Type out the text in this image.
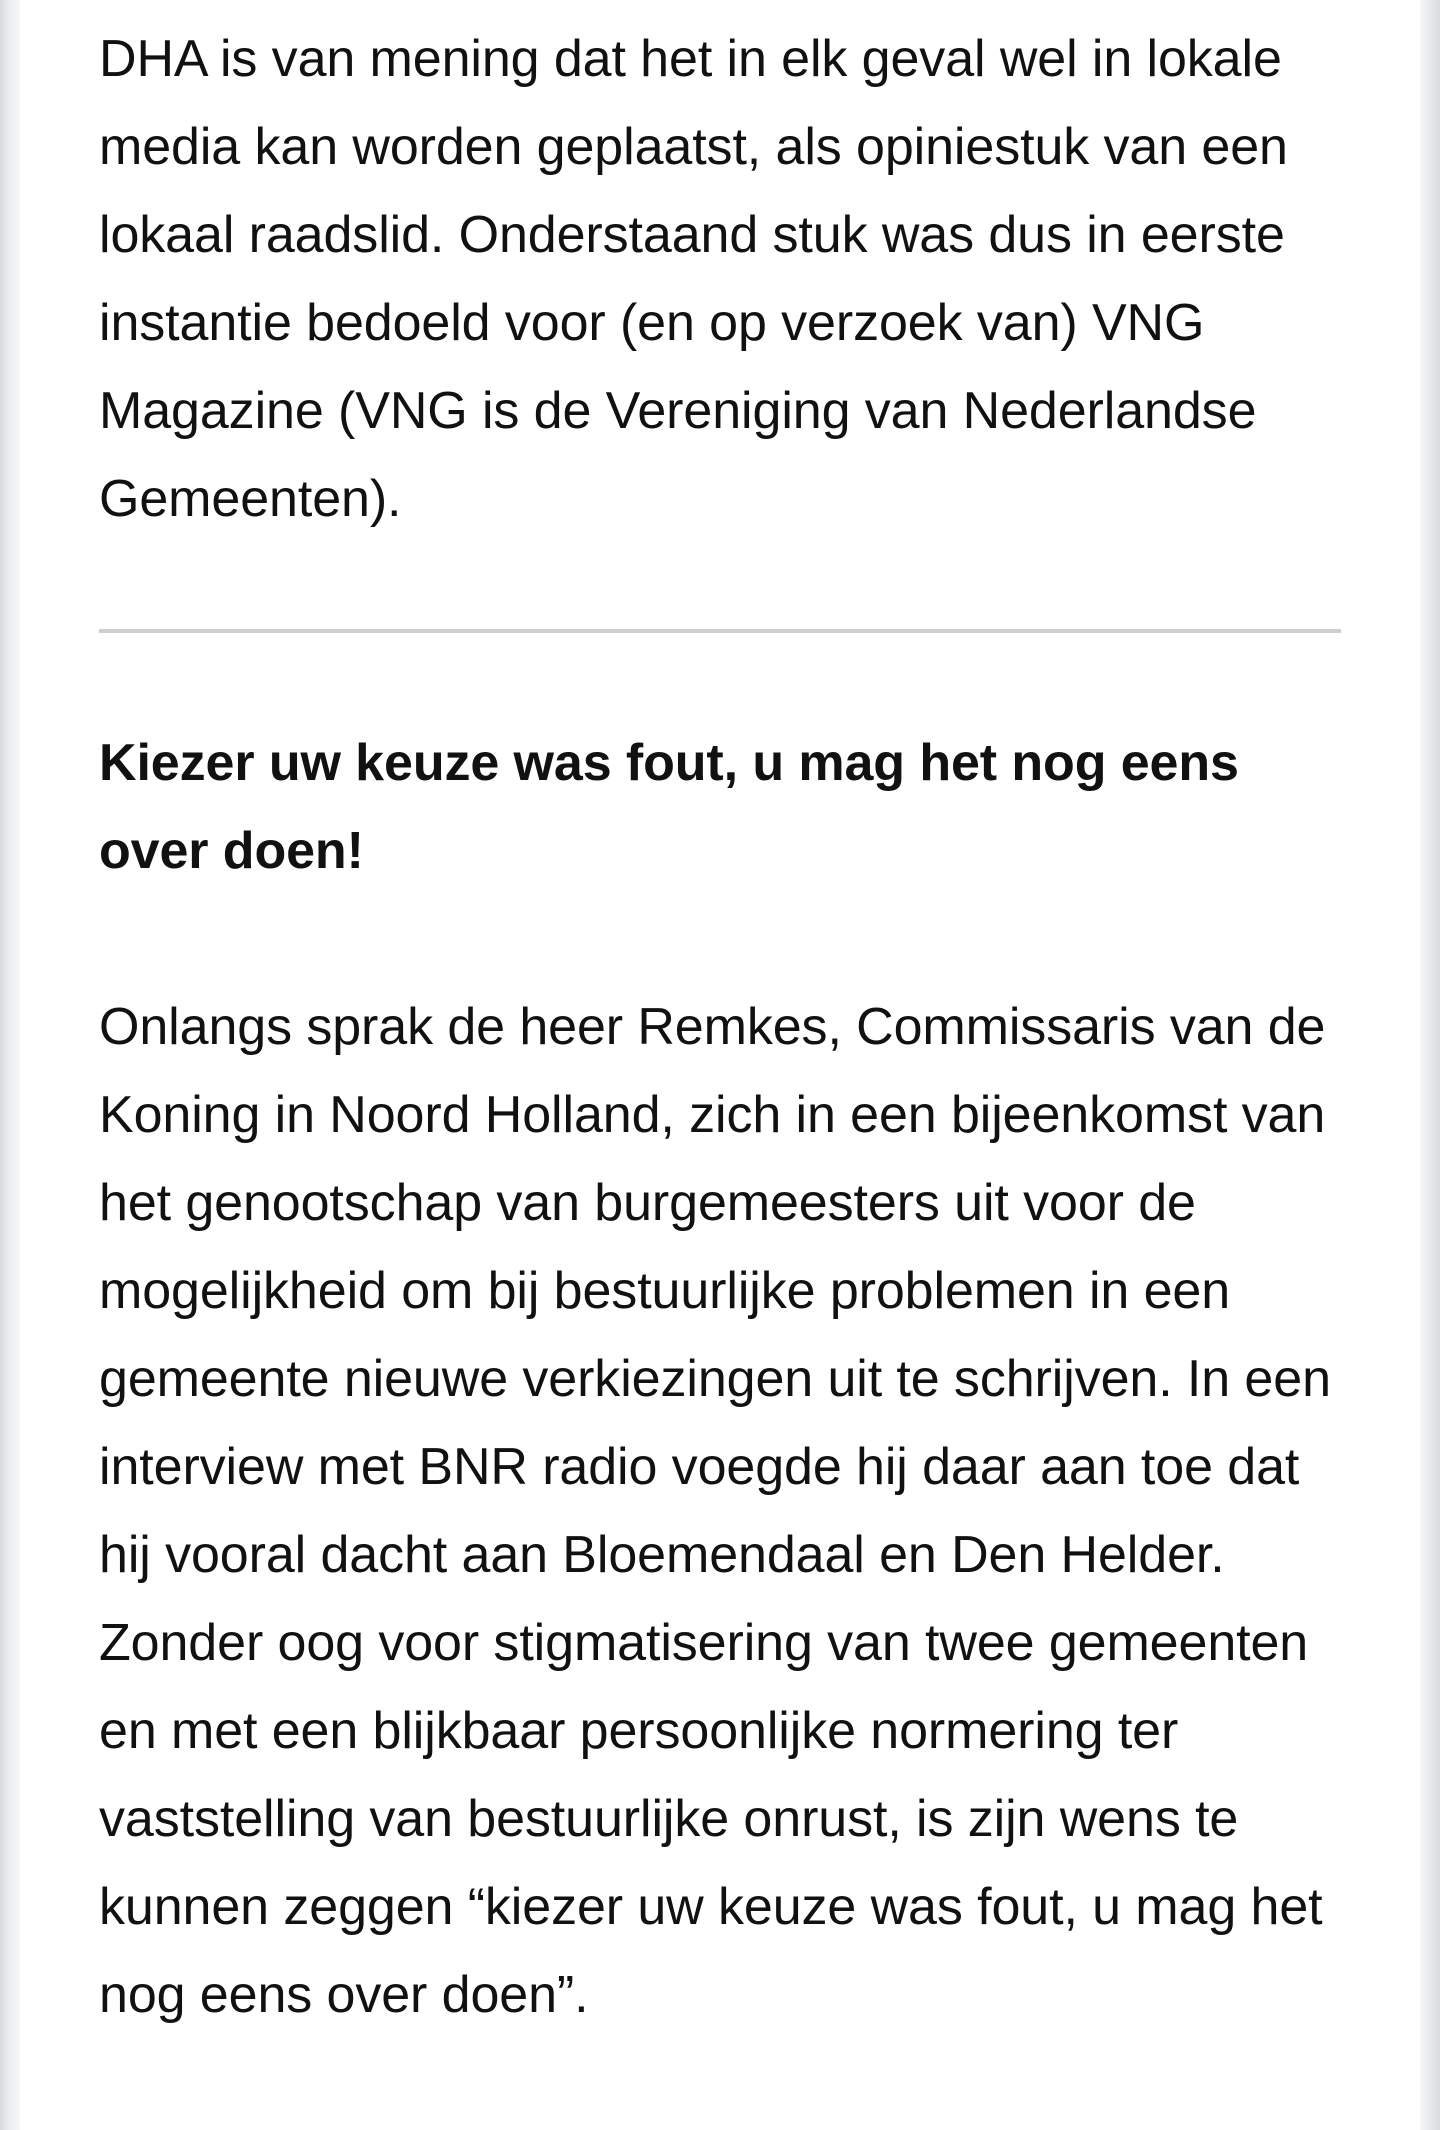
DHA is van mening dat het in elk geval wel in lokale media kan worden geplaatst, als opiniestuk van een lokaal raadslid. Onderstaand stuk was dus in eerste instantie bedoeld voor (en op verzoek van) VNG Magazine (VNG is de Vereniging van Nederlandse Gemeenten).

Kiezer uw keuze was fout, u mag het nog eens over doen!

Onlangs sprak de heer Remkes, Commissaris van de Koning in Noord Holland, zich in een bijeenkomst van het genootschap van burgemeesters uit voor de mogelijkheid om bij bestuurlijke problemen in een gemeente nieuwe verkiezingen uit te schrijven. In een interview met BNR radio voegde hij daar aan toe dat hij vooral dacht aan Bloemendaal en Den Helder. Zonder oog voor stigmatisering van twee gemeenten en met een blijkbaar persoonlijke normering ter vaststelling van bestuurlijke onrust, is zijn wens te kunnen zeggen “kiezer uw keuze was fout, u mag het nog eens over doen”.
